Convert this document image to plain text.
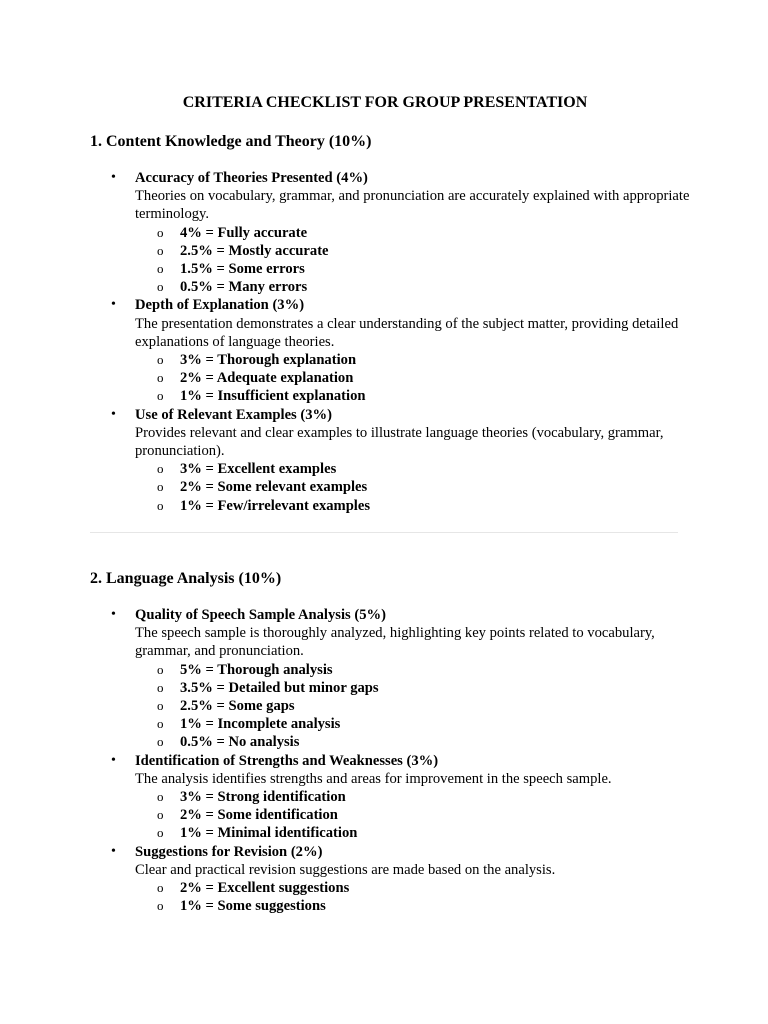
CRITERIA CHECKLIST FOR GROUP PRESENTATION
1. Content Knowledge and Theory (10%)
• Accuracy of Theories Presented (4%)
Theories on vocabulary, grammar, and pronunciation are accurately explained with appropriate terminology.
o 4% = Fully accurate
o 2.5% = Mostly accurate
o 1.5% = Some errors
o 0.5% = Many errors
• Depth of Explanation (3%)
The presentation demonstrates a clear understanding of the subject matter, providing detailed explanations of language theories.
o 3% = Thorough explanation
o 2% = Adequate explanation
o 1% = Insufficient explanation
• Use of Relevant Examples (3%)
Provides relevant and clear examples to illustrate language theories (vocabulary, grammar, pronunciation).
o 3% = Excellent examples
o 2% = Some relevant examples
o 1% = Few/irrelevant examples
2. Language Analysis (10%)
• Quality of Speech Sample Analysis (5%)
The speech sample is thoroughly analyzed, highlighting key points related to vocabulary, grammar, and pronunciation.
o 5% = Thorough analysis
o 3.5% = Detailed but minor gaps
o 2.5% = Some gaps
o 1% = Incomplete analysis
o 0.5% = No analysis
• Identification of Strengths and Weaknesses (3%)
The analysis identifies strengths and areas for improvement in the speech sample.
o 3% = Strong identification
o 2% = Some identification
o 1% = Minimal identification
• Suggestions for Revision (2%)
Clear and practical revision suggestions are made based on the analysis.
o 2% = Excellent suggestions
o 1% = Some suggestions
